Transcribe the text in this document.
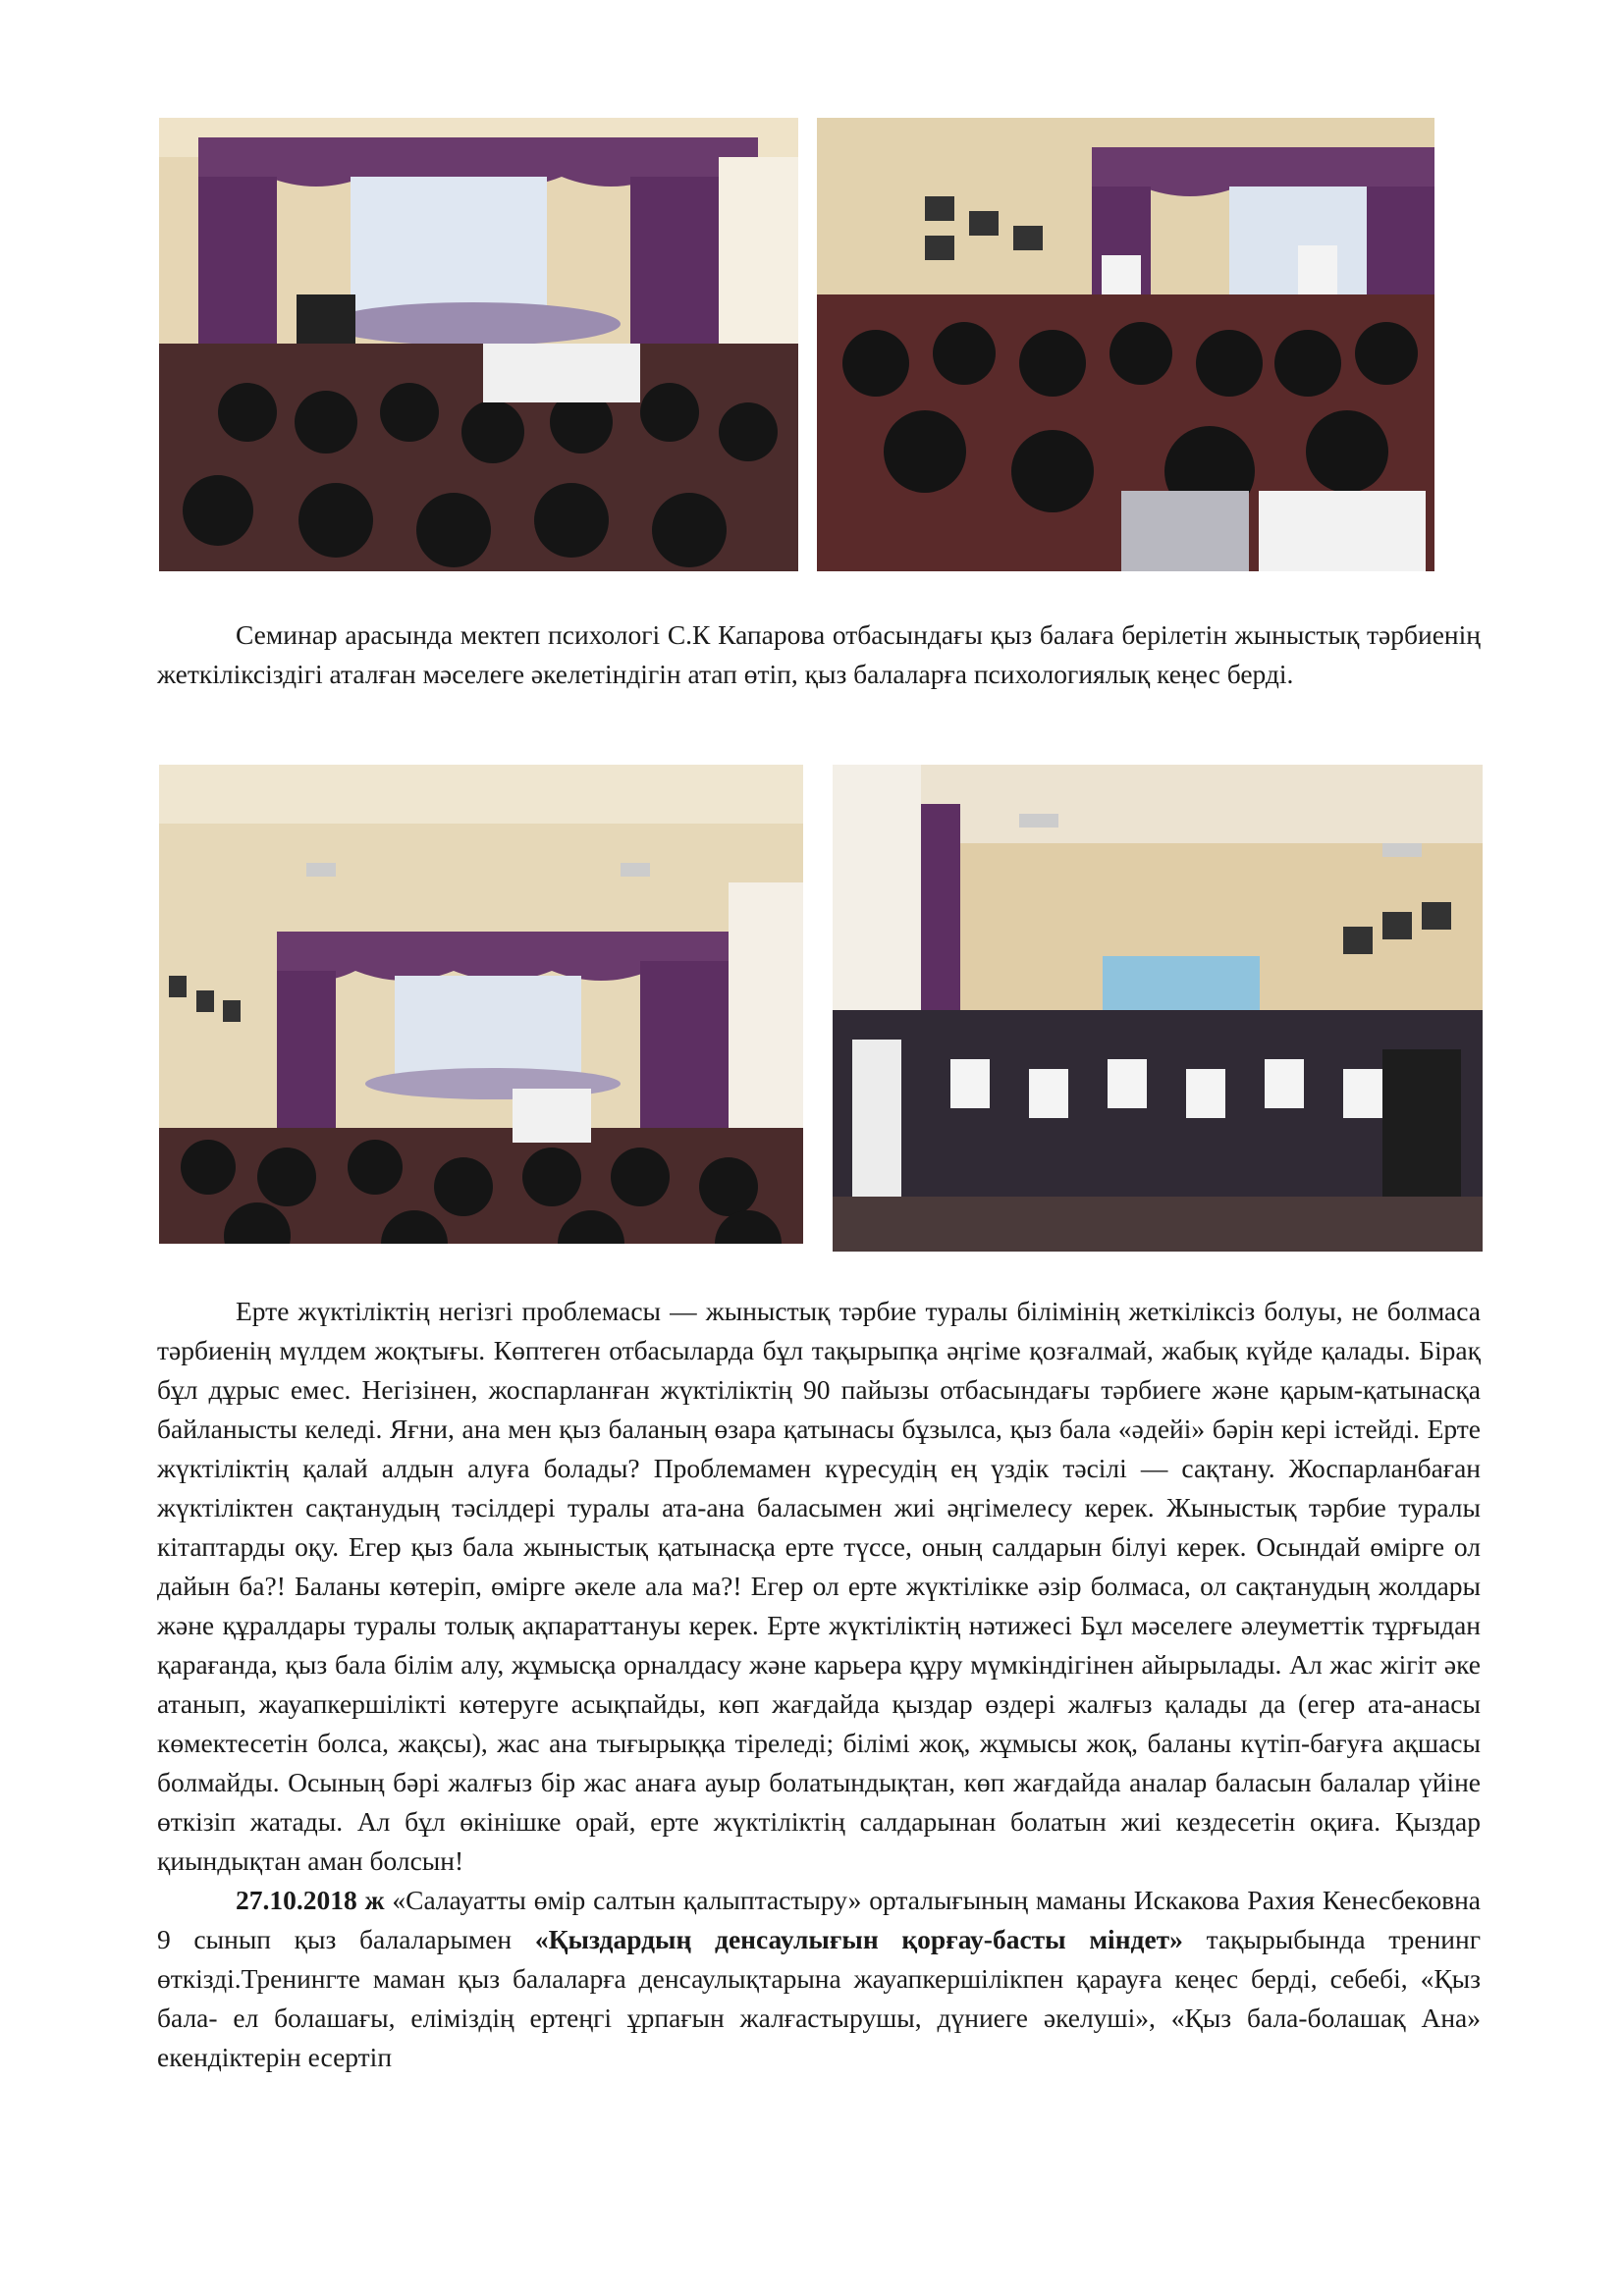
Семинар арасында мектеп психологі С.К Капарова отбасындағы қыз балаға берілетін жыныстық тәрбиенің жеткіліксіздігі аталған мәселеге әкелетіндігін атап өтіп, қыз балаларға психологиялық кеңес берді.

Ерте жүктіліктің негізгі проблемасы — жыныстық тәрбие туралы білімінің жеткіліксіз болуы, не болмаса тәрбиенің мүлдем жоқтығы. Көптеген отбасыларда бұл тақырыпқа әңгіме қозғалмай, жабық күйде қалады. Бірақ бұл дұрыс емес. Негізінен, жоспарланған жүктіліктің 90 пайызы отбасындағы тәрбиеге және қарым-қатынасқа байланысты келеді. Яғни, ана мен қыз баланың өзара қатынасы бұзылса, қыз бала «әдейі» бәрін кері істейді. Ерте жүктіліктің қалай алдын алуға болады? Проблемамен күресудің ең үздік тәсілі — сақтану. Жоспарланбаған жүктіліктен сақтанудың тәсілдері туралы ата-ана баласымен жиі әңгімелесу керек. Жыныстық тәрбие туралы кітаптарды оқу. Егер қыз бала жыныстық қатынасқа ерте түссе, оның салдарын білуі керек. Осындай өмірге ол дайын ба?! Баланы көтеріп, өмірге әкеле ала ма?! Егер ол ерте жүктілікке әзір болмаса, ол сақтанудың жолдары және құралдары туралы толық ақпараттануы керек. Ерте жүктіліктің нәтижесі Бұл мәселеге әлеуметтік тұрғыдан қарағанда, қыз бала білім алу, жұмысқа орналдасу және карьера құру мүмкіндігінен айырылады. Ал жас жігіт әке атанып, жауапкершілікті көтеруге асықпайды, көп жағдайда қыздар өздері жалғыз қалады да (егер ата-анасы көмектесетін болса, жақсы), жас ана тығырыққа тіреледі; білімі жоқ, жұмысы жоқ, баланы күтіп-бағуға ақшасы болмайды. Осының бәрі жалғыз бір жас анаға ауыр болатындықтан, көп жағдайда аналар баласын балалар үйіне өткізіп жатады. Ал бұл өкінішке орай, ерте жүктіліктің салдарынан болатын жиі кездесетін оқиға. Қыздар қиындықтан аман болсын!

27.10.2018 ж «Салауатты өмір салтын қалыптастыру» орталығының маманы Искакова Рахия Кенесбековна 9 сынып қыз балаларымен «Қыздардың денсаулығын қорғау-басты міндет» тақырыбында тренинг өткізді.Тренингте маман қыз балаларға денсаулықтарына жауапкершілікпен қарауға кеңес берді, себебі, «Қыз бала- ел болашағы, еліміздің ертеңгі ұрпағын жалғастырушы, дүниеге әкелуші», «Қыз бала-болашақ Ана» екендіктерін есертіп
